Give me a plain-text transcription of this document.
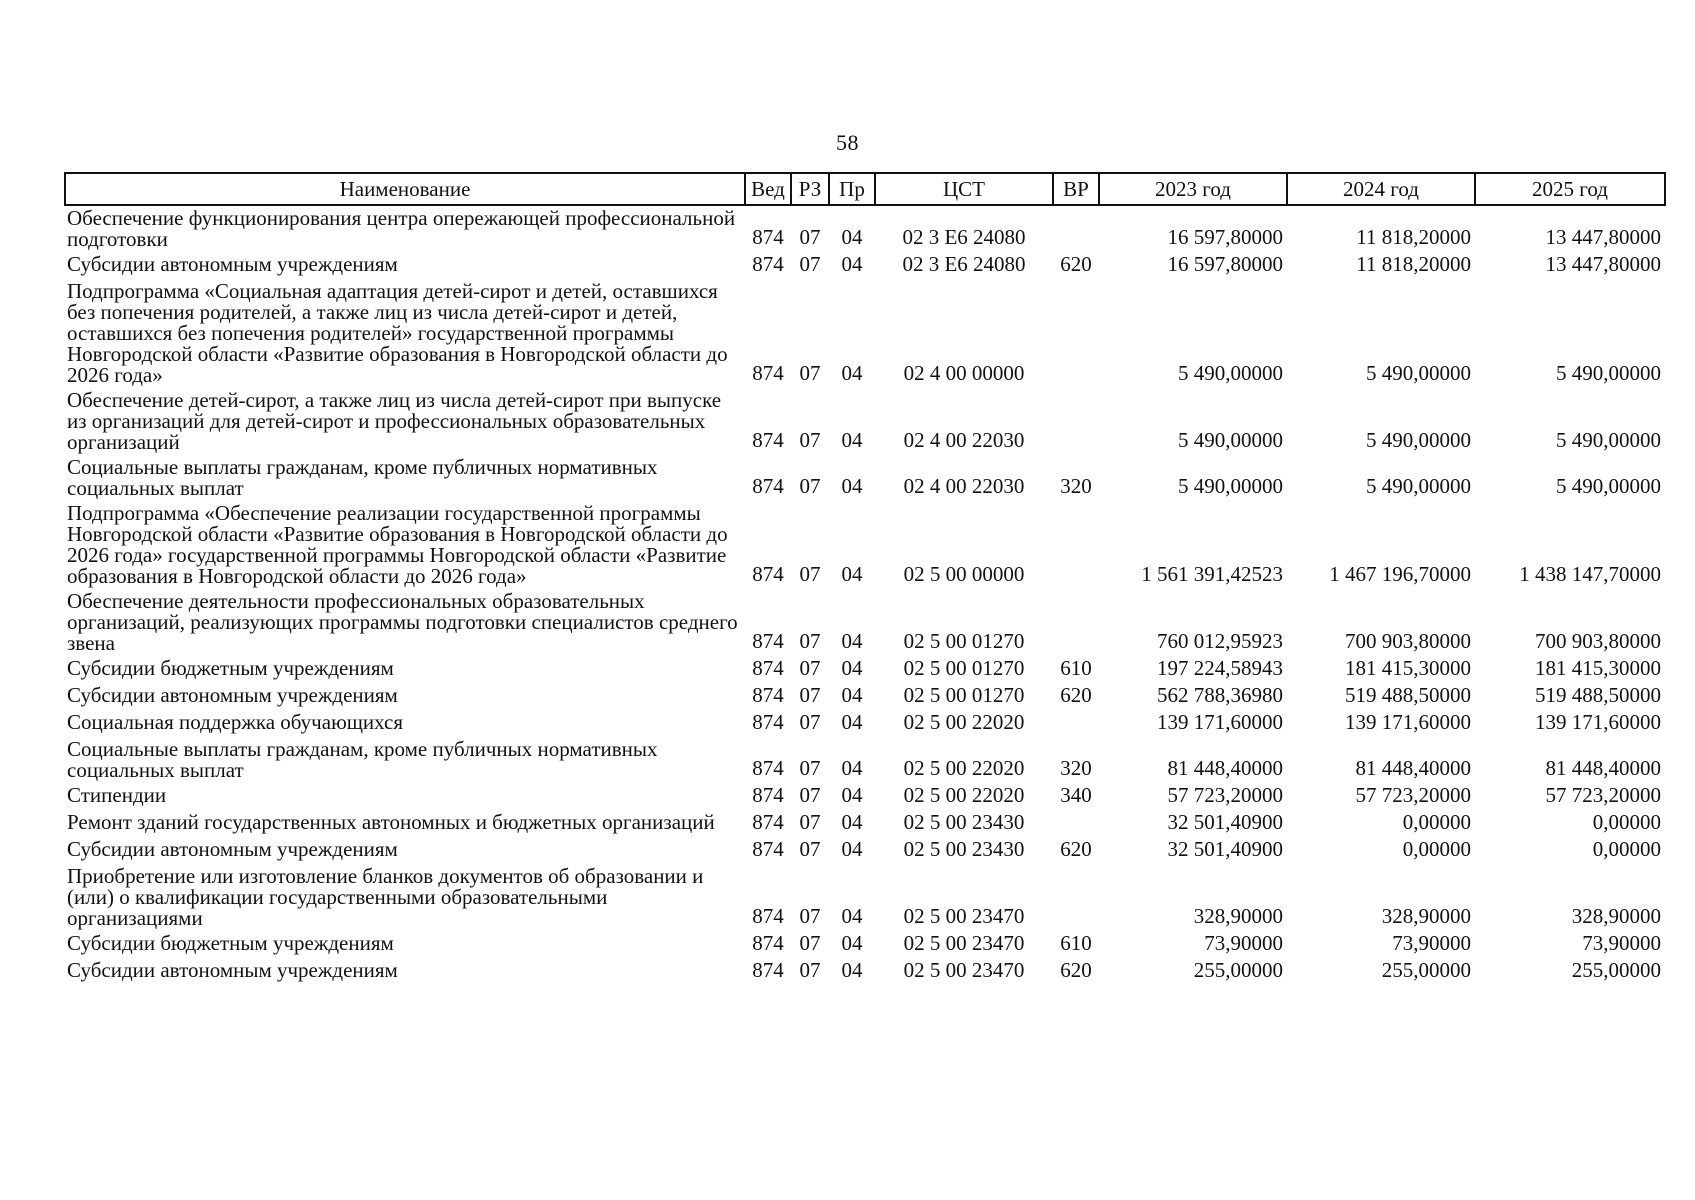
58
Наименование	Вед	РЗ	Пр	ЦСТ	ВР	2023 год	2024 год	2025 год
Обеспечение функционирования центра опережающей профессиональной подготовки	874	07	04	02 3 Е6 24080		16 597,80000	11 818,20000	13 447,80000
Субсидии автономным учреждениям	874	07	04	02 3 Е6 24080	620	16 597,80000	11 818,20000	13 447,80000
Подпрограмма «Социальная адаптация детей-сирот и детей, оставшихся без попечения родителей, а также лиц из числа детей-сирот и детей, оставшихся без попечения родителей» государственной программы Новгородской области «Развитие образования в Новгородской области до 2026 года»	874	07	04	02 4 00 00000		5 490,00000	5 490,00000	5 490,00000
Обеспечение детей-сирот, а также лиц из числа детей-сирот при выпуске из организаций для детей-сирот и профессиональных образовательных организаций	874	07	04	02 4 00 22030		5 490,00000	5 490,00000	5 490,00000
Социальные выплаты гражданам, кроме публичных нормативных социальных выплат	874	07	04	02 4 00 22030	320	5 490,00000	5 490,00000	5 490,00000
Подпрограмма «Обеспечение реализации государственной программы Новгородской области «Развитие образования в Новгородской области до 2026 года» государственной программы Новгородской области «Развитие образования в Новгородской области до 2026 года»	874	07	04	02 5 00 00000		1 561 391,42523	1 467 196,70000	1 438 147,70000
Обеспечение деятельности профессиональных образовательных организаций, реализующих программы подготовки специалистов среднего звена	874	07	04	02 5 00 01270		760 012,95923	700 903,80000	700 903,80000
Субсидии бюджетным учреждениям	874	07	04	02 5 00 01270	610	197 224,58943	181 415,30000	181 415,30000
Субсидии автономным учреждениям	874	07	04	02 5 00 01270	620	562 788,36980	519 488,50000	519 488,50000
Социальная поддержка обучающихся	874	07	04	02 5 00 22020		139 171,60000	139 171,60000	139 171,60000
Социальные выплаты гражданам, кроме публичных нормативных социальных выплат	874	07	04	02 5 00 22020	320	81 448,40000	81 448,40000	81 448,40000
Стипендии	874	07	04	02 5 00 22020	340	57 723,20000	57 723,20000	57 723,20000
Ремонт зданий государственных автономных и бюджетных организаций	874	07	04	02 5 00 23430		32 501,40900	0,00000	0,00000
Субсидии автономным учреждениям	874	07	04	02 5 00 23430	620	32 501,40900	0,00000	0,00000
Приобретение или изготовление бланков документов об образовании и (или) о квалификации государственными образовательными организациями	874	07	04	02 5 00 23470		328,90000	328,90000	328,90000
Субсидии бюджетным учреждениям	874	07	04	02 5 00 23470	610	73,90000	73,90000	73,90000
Субсидии автономным учреждениям	874	07	04	02 5 00 23470	620	255,00000	255,00000	255,00000
